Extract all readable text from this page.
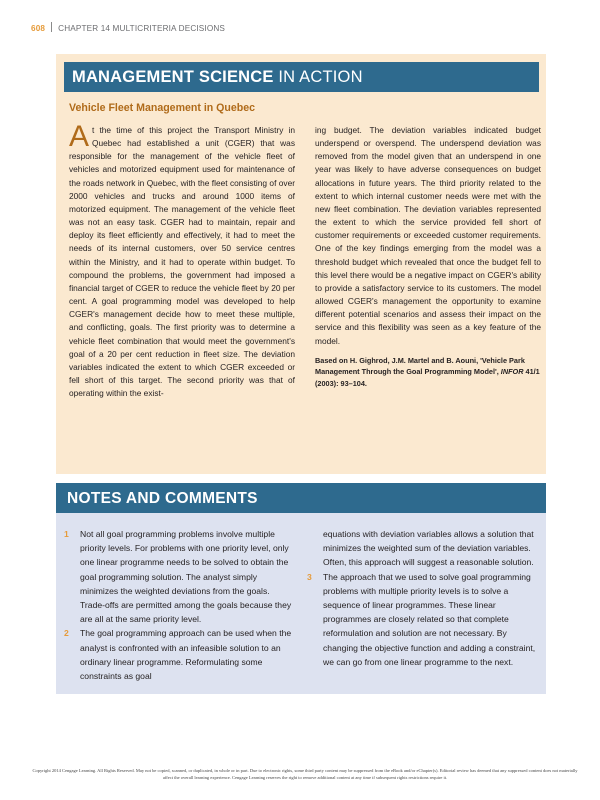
608 CHAPTER 14 MULTICRITERIA DECISIONS
MANAGEMENT SCIENCE IN ACTION
Vehicle Fleet Management in Quebec
At the time of this project the Transport Ministry in Quebec had established a unit (CGER) that was responsible for the management of the vehicle fleet of vehicles and motorized equipment used for maintenance of the roads network in Quebec, with the fleet consisting of over 2000 vehicles and trucks and around 1000 items of motorized equipment. The management of the vehicle fleet was not an easy task. CGER had to maintain, repair and deploy its fleet efficiently and effectively, it had to meet the needs of its internal customers, over 50 service centres within the Ministry, and it had to operate within budget. To compound the problems, the government had imposed a financial target of CGER to reduce the vehicle fleet by 20 per cent. A goal programming model was developed to help CGER's management decide how to meet these multiple, and conflicting, goals. The first priority was to determine a vehicle fleet combination that would meet the government's goal of a 20 per cent reduction in fleet size. The deviation variables indicated the extent to which CGER exceeded or fell short of this target. The second priority was that of operating within the exist-
ing budget. The deviation variables indicated budget underspend or overspend. The underspend deviation was removed from the model given that an underspend in one year was likely to have adverse consequences on budget allocations in future years. The third priority related to the extent to which internal customer needs were met with the new fleet combination. The deviation variables represented the extent to which the service provided fell short of customer requirements or exceeded customer requirements. One of the key findings emerging from the model was a threshold budget which revealed that once the budget fell to this level there would be a negative impact on CGER's ability to provide a satisfactory service to its customers. The model allowed CGER's management the opportunity to examine different potential scenarios and assess their impact on the service and this flexibility was seen as a key feature of the model.
Based on H. Gighrod, J.M. Martel and B. Aouni, 'Vehicle Park Management Through the Goal Programming Model', INFOR 41/1 (2003): 93–104.
NOTES AND COMMENTS
1	Not all goal programming problems involve multiple priority levels. For problems with one priority level, only one linear programme needs to be solved to obtain the goal programming solution. The analyst simply minimizes the weighted deviations from the goals. Trade-offs are permitted among the goals because they are all at the same priority level.
2	The goal programming approach can be used when the analyst is confronted with an infeasible solution to an ordinary linear programme. Reformulating some constraints as goal
equations with deviation variables allows a solution that minimizes the weighted sum of the deviation variables. Often, this approach will suggest a reasonable solution.
3	The approach that we used to solve goal programming problems with multiple priority levels is to solve a sequence of linear programmes. These linear programmes are closely related so that complete reformulation and solution are not necessary. By changing the objective function and adding a constraint, we can go from one linear programme to the next.
Copyright 2014 Cengage Learning. All Rights Reserved. May not be copied, scanned, or duplicated, in whole or in part. Due to electronic rights, some third party content may be suppressed from the eBook and/or eChapter(s). Editorial review has deemed that any suppressed content does not materially affect the overall learning experience. Cengage Learning reserves the right to remove additional content at any time if subsequent rights restrictions require it.
